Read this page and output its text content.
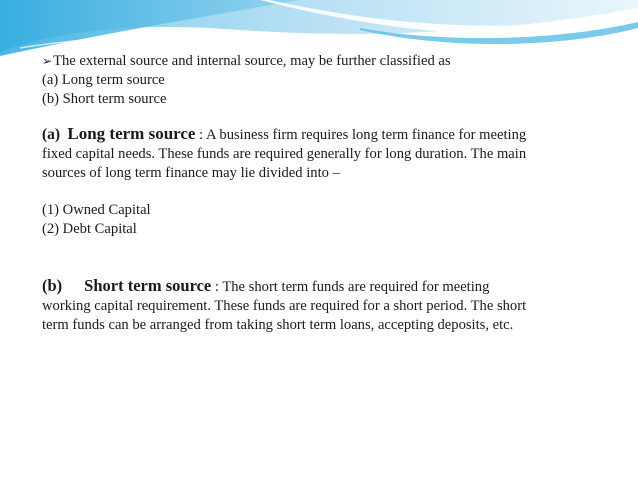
➢The external source and internal source, may be further classified as
(a) Long term source
(b) Short term source
(a) Long term source : A business firm requires long term finance for meeting
fixed capital needs. These funds are required generally for long duration. The main
sources of long term finance may lie divided into –
(1) Owned Capital
(2) Debt Capital
(b) Short term source : The short term funds are required for meeting
working capital requirement. These funds are required for a short period. The short
term funds can be arranged from taking short term loans, accepting deposits, etc.
